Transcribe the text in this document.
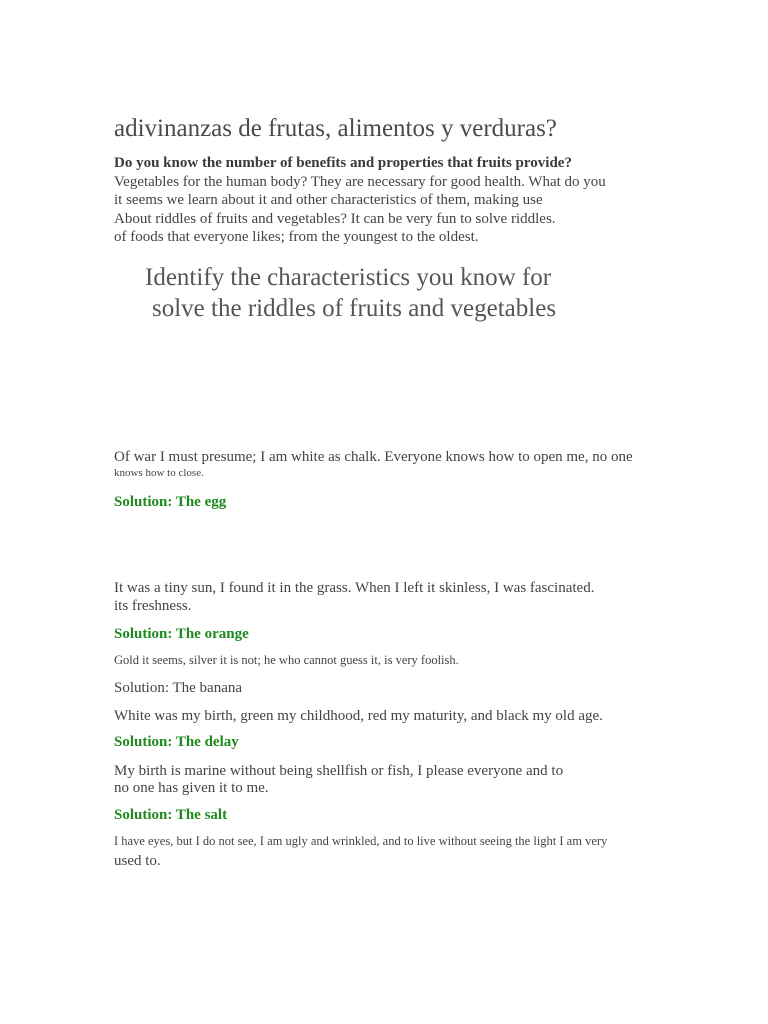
adivinanzas de frutas, alimentos y verduras?
Do you know the number of benefits and properties that fruits provide?
Vegetables for the human body? They are necessary for good health. What do you
it seems we learn about it and other characteristics of them, making use
About riddles of fruits and vegetables? It can be very fun to solve riddles.
of foods that everyone likes; from the youngest to the oldest.
Identify the characteristics you know for
solve the riddles of fruits and vegetables
Of war I must presume; I am white as chalk. Everyone knows how to open me, no one
knows how to close.
Solution: The egg
It was a tiny sun, I found it in the grass. When I left it skinless, I was fascinated.
its freshness.
Solution: The orange
Gold it seems, silver it is not; he who cannot guess it, is very foolish.
Solution: The banana
White was my birth, green my childhood, red my maturity, and black my old age.
Solution: The delay
My birth is marine without being shellfish or fish, I please everyone and to
no one has given it to me.
Solution: The salt
I have eyes, but I do not see, I am ugly and wrinkled, and to live without seeing the light I am very
used to.
